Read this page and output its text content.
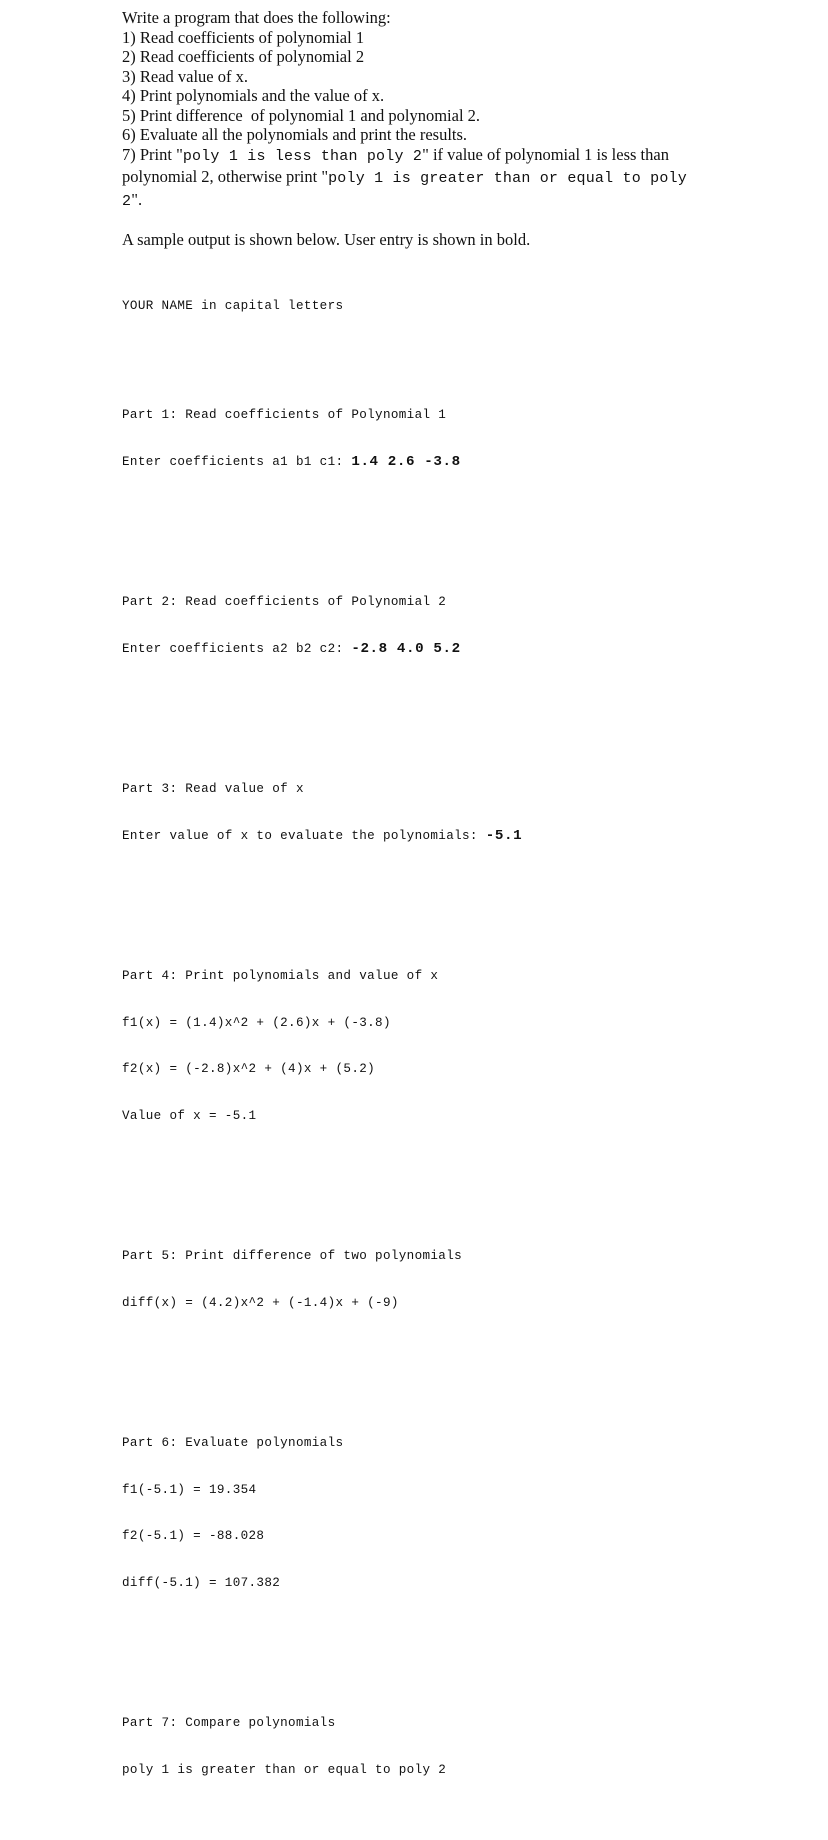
Write a program that does the following:
1) Read coefficients of polynomial 1
2) Read coefficients of polynomial 2
3) Read value of x.
4) Print polynomials and the value of x.
5) Print difference  of polynomial 1 and polynomial 2.
6) Evaluate all the polynomials and print the results.
7) Print "poly 1 is less than poly 2" if value of polynomial 1 is less than polynomial 2, otherwise print "poly 1 is greater than or equal to poly 2".
A sample output is shown below. User entry is shown in bold.

YOUR NAME in capital letters

Part 1: Read coefficients of Polynomial 1

Enter coefficients a1 b1 c1: 1.4 2.6 -3.8

Part 2: Read coefficients of Polynomial 2

Enter coefficients a2 b2 c2: -2.8 4.0 5.2

Part 3: Read value of x

Enter value of x to evaluate the polynomials: -5.1

Part 4: Print polynomials and value of x

f1(x) = (1.4)x^2 + (2.6)x + (-3.8)

f2(x) = (-2.8)x^2 + (4)x + (5.2)

Value of x = -5.1

Part 5: Print difference of two polynomials

diff(x) = (4.2)x^2 + (-1.4)x + (-9)

Part 6: Evaluate polynomials

f1(-5.1) = 19.354

f2(-5.1) = -88.028

diff(-5.1) = 107.382

Part 7: Compare polynomials

poly 1 is greater than or equal to poly 2
